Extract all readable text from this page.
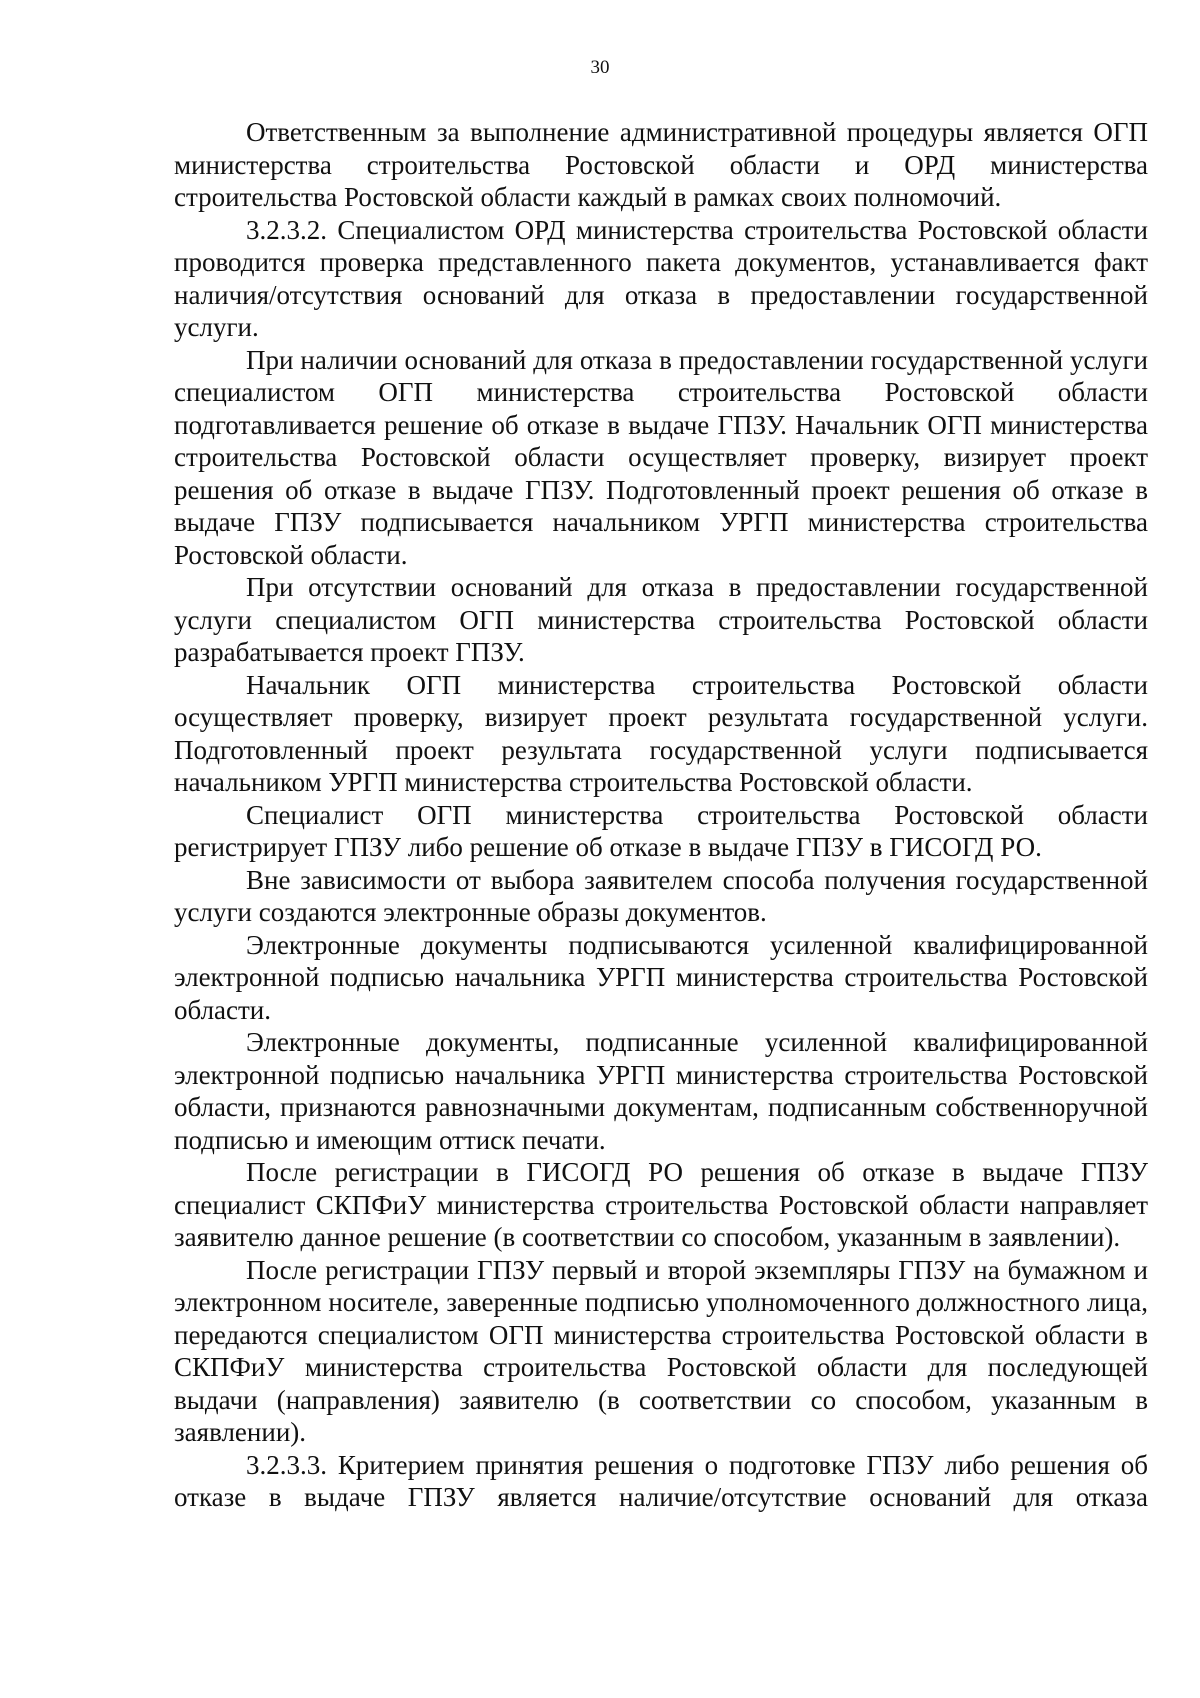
30

Ответственным за выполнение административной процедуры является ОГП министерства строительства Ростовской области и ОРД министерства строительства Ростовской области каждый в рамках своих полномочий.

3.2.3.2. Специалистом ОРД министерства строительства Ростовской области проводится проверка представленного пакета документов, устанавливается факт наличия/отсутствия оснований для отказа в предоставлении государственной услуги.

При наличии оснований для отказа в предоставлении государственной услуги специалистом ОГП министерства строительства Ростовской области подготавливается решение об отказе в выдаче ГПЗУ. Начальник ОГП министерства строительства Ростовской области осуществляет проверку, визирует проект решения об отказе в выдаче ГПЗУ. Подготовленный проект решения об отказе в выдаче ГПЗУ подписывается начальником УРГП министерства строительства Ростовской области.

При отсутствии оснований для отказа в предоставлении государственной услуги специалистом ОГП министерства строительства Ростовской области разрабатывается проект ГПЗУ.

Начальник ОГП министерства строительства Ростовской области осуществляет проверку, визирует проект результата государственной услуги. Подготовленный проект результата государственной услуги подписывается начальником УРГП министерства строительства Ростовской области.

Специалист ОГП министерства строительства Ростовской области регистрирует ГПЗУ либо решение об отказе в выдаче ГПЗУ в ГИСОГД РО.

Вне зависимости от выбора заявителем способа получения государственной услуги создаются электронные образы документов.

Электронные документы подписываются усиленной квалифицированной электронной подписью начальника УРГП министерства строительства Ростовской области.

Электронные документы, подписанные усиленной квалифицированной электронной подписью начальника УРГП министерства строительства Ростовской области, признаются равнозначными документам, подписанным собственноручной подписью и имеющим оттиск печати.

После регистрации в ГИСОГД РО решения об отказе в выдаче ГПЗУ специалист СКПФиУ министерства строительства Ростовской области направляет заявителю данное решение (в соответствии со способом, указанным в заявлении).

После регистрации ГПЗУ первый и второй экземпляры ГПЗУ на бумажном и электронном носителе, заверенные подписью уполномоченного должностного лица, передаются специалистом ОГП министерства строительства Ростовской области в СКПФиУ министерства строительства Ростовской области для последующей выдачи (направления) заявителю (в соответствии со способом, указанным в заявлении).

3.2.3.3. Критерием принятия решения о подготовке ГПЗУ либо решения об отказе в выдаче ГПЗУ является наличие/отсутствие оснований для отказа
